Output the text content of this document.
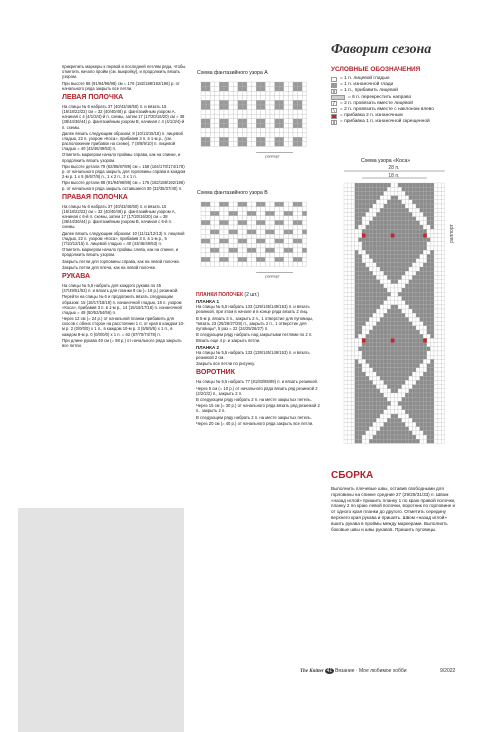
прикрепить маркеры к первой и последней петлям ряда, чтобы отметить начало пройм (см. выкройку), и продолжить вязать узором.

При высоте 88 (91/94/96/98) см = 176 (182/188/192/196) р. от начального ряда закрыть все петли.

ЛЕВАЯ ПОЛОЧКА

На спицы № 6 набрать 37 (40/43/46/50) п. и вязать 15 (16/18/22/22) см = 32 (40/40/48) р. фантазийным узором А, начиная с 4 (4/1/3/4)-й п. схемы, затем 17 (17/20/16/20) см = 38 (38/44/36/44) р. фантазийным узором В, начиная с 4 (4/1/3/4)-й п. схемы.

Далее вязать следующим образом: 8 (10/13/15/18) п. лицевой гладью, 22 п. узором «Коса», прибавив 3 п. в 1-м р., (см. расположение прибавок на схеме), 7 (8/8/9/10) п. лицевой гладью = 40 (43/46/49/53) п.

Отметить маркером начало проймы справа, как на спинке, и продолжить вязать узором.

При высоте детали 79 (82/85/87/89) см = 158 (164/170/174/178) р. от начального ряда закрыть для горловины справа в каждом 2-м р. 1 х 5 (6/6/7/8) п., 1 х 2 п., 3 х 1 п.

При высоте детали 88 (91/94/96/98) см = 176 (182/188/192/196) р. от начального ряда закрыть оставшиеся 30 (32/35/37/40) п.

ПРАВАЯ ПОЛОЧКА

На спицы № 6 набрать 37 (40/43/46/50) п. и вязать 15 (16/18/22/22) см = 32 (40/40/48) р. фантазийным узором А, начиная с 6-й п. схемы, затем 17 (17/20/16/20) см = 38 (38/44/36/44) р. фантазийным узором В, начиная с 6-й п. схемы.

Далее вязать следующим образом: 10 (11/11/12/13) п. лицевой гладью, 22 п. узором «Коса», прибавив 3 п. в 1-м р., 5 (7/10/12/15) п. лицевой гладью = 40 (43/46/49/53) п.

Отметить маркером начало проймы слева, как на спинке, и продолжить вязать узором.

Закрыть петли для горловины справа, как на левой полочке.

Закрыть петли для плеча, как на левой полочке.

РУКАВА

На спицы № 5,5 набрать для каждого рукава по 45 (47/49/51/53) п. и вязать для планки 8 см (= 16 р.) резинкой.

Перейти на спицы № 6 и продолжить вязать следующим образом: 15 (16/17/18/19) п. изнаночной гладью, 16 п. узором «Коса», прибавив 3 п. в 1-м р., 14 (15/16/17/18) п. изнаночной гладью = 48 (50/52/54/56) п.

Через 12 см (= 24 р.) от начальной планки прибавить для скосов с обеих сторон на расстоянии 1 п. от края в каждом 10-м р. 2 (0/0/0/0) х 1 п., в каждом 10-м р. 3 (5/5/5/5) х 1 п., в каждом 8-м р. 0 (0/0/0/0) х 1 п. = 62 (67/70/74/78) п.

При длине рукава 49 см (= 98 р.) от начального ряда закрыть все петли.

Схема фантазийного узора А
раппорт
Схема фантазийного узора В
раппорт
ПЛАНКИ ПОЛОЧЕК (2 шт.)
ПЛАНКА 1

На спицы № 5,5 набрать 133 (139/145/149/153) п. и вязать резинкой, при этом в начале и в конце ряда вязать 2 лиц.

В 5-м р. вязать 3 п., закрыть 2 п., 1 отверстие для пуговицы, *вязать 23 (25/26/27/28) п., закрыть 2 п., 1 отверстие для пуговицы*, 5 раз = 22 (24/25/26/27) п.

В следующем ряду набрать над закрытыми петлями по 2 п.

Вязать еще 4 р. и закрыть петли.

ПЛАНКА 2

На спицы № 5,5 набрать 133 (139/145/149/153) п. и вязать резинкой 2 см.

Закрыть все петли по рисунку.

ВОРОТНИК

На спицы № 5,5 набрать 77 (81/83/85/89) п. и вязать резинкой.

Через 5 см (= 10 р.) от начального ряда вязать ряд резинкой 2 (2/2/2/2) п., закрыть 2 п.

В следующем ряду набрать 2 п. на месте закрытых петель.

Через 15 см (= 30 р.) от начального ряда вязать ряд резинкой 2 п., закрыть 2 п.

В следующем ряду набрать 2 п. на месте закрытых петель.

Через 20 см (= 40 р.) от начального ряда закрыть все петли.

Фаворит сезона
УСЛОВНЫЕ ОБОЗНАЧЕНИЯ
= 1 п. лицевой гладью
= 1 п. изнаночной глади
v = 1 п., прибавить лицевой
= 6 п. перекрестить направо
/	= 2 п. провязать вместе лицевой
\	= 2 п. провязать вместе с наклоном влево
= прибавка 2 п. изнаночным
x = прибавка 1 п. изнаночной скрещенной
Схема узора «Коса»
28 п.
18 п.
раппорт
СБОРКА
Выполнить плечевые швы, оставив свободными для горловины на спинке средние 27 (29/29/31/33) п. Швом «назад иглой» пришить планку 1 по краю правой полочки, планку 2 по краю левой полочки, воротник по горловине и от одного края планки до другого. Отметить середину верхнего края рукава и пришить. Швом «назад иглой» вшить рукава в проймы между маркерами. Выполнить боковые швы и швы рукавов. Пришить пуговицы.
The Knitter 41 Вязание · Мое любимое хобби	9/2022
